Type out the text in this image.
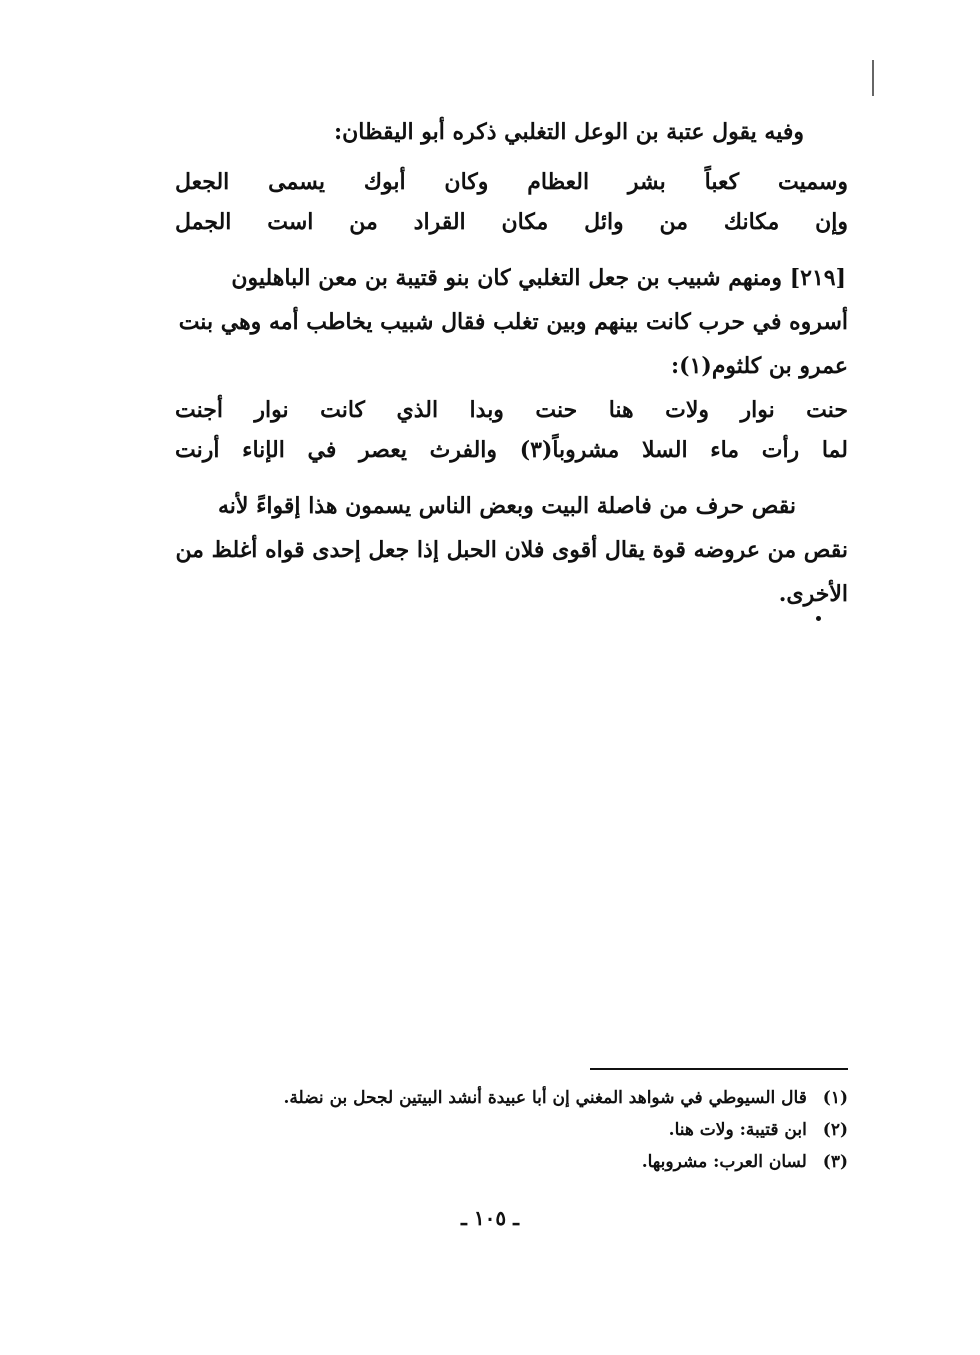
وفيه يقول عتبة بن الوعل التغلبي ذكره أبو اليقظان:
وسميت كعباً بشر العظام وكان أبوك يسمى الجعل
وإن مكانك من وائل مكان القراد من است الجمل
[٢١٩] ومنهم شبيب بن جعل التغلبي كان بنو قتيبة بن معن الباهليون
أسروه في حرب كانت بينهم وبين تغلب فقال شبيب يخاطب أمه وهي بنت
عمرو بن كلثوم(١):
حنت نوار ولات هنا حنت وبدا الذي كانت نوار أجنت
لما رأت ماء السلا مشروباً(٣) والفرث يعصر في الإناء أرنت
نقص حرف من فاصلة البيت وبعض الناس يسمون هذا إقواءً لأنه
نقص من عروضه قوة يقال أقوى فلان الحبل إذا جعل إحدى قواه أغلظ من
الأخرى.
(١) قال السيوطي في شواهد المغني إن أبا عبيدة أنشد البيتين لجحل بن نضلة.
(٢) ابن قتيبة: ولات هنا.
(٣) لسان العرب: مشروبها.
ـ ١٠٥ ـ
